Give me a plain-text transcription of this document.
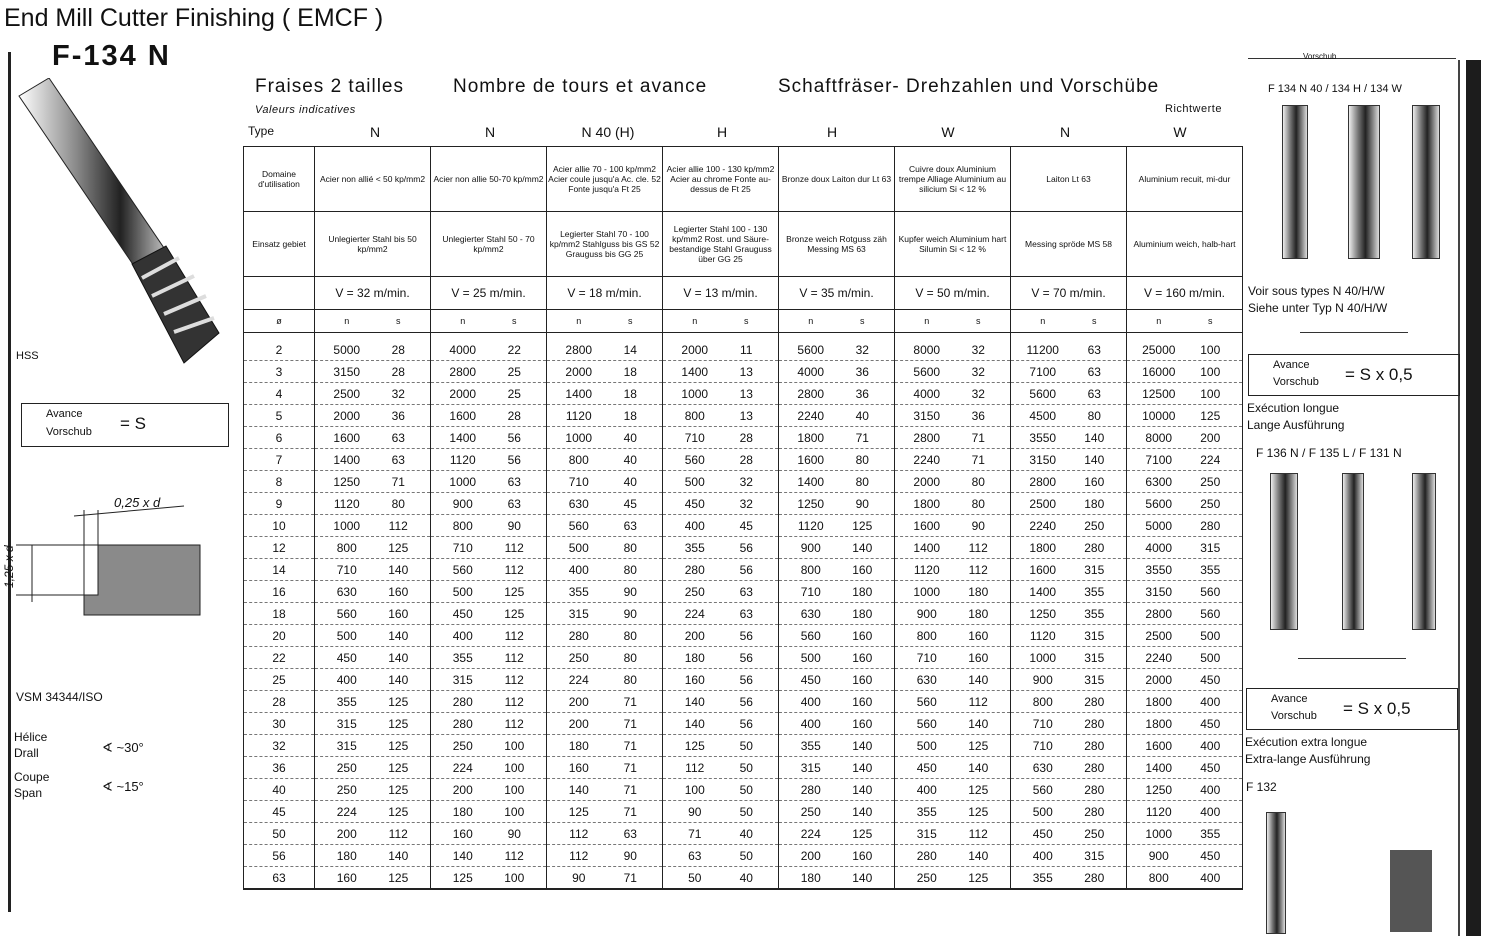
End Mill Cutter Finishing ( EMCF )
F-134 N
Fraises 2 tailles	Nombre de tours et avance	Schaftfräser- Drehzahlen und Vorschübe
Valeurs indicatives	Richtwerte
Type	N	N	N 40 (H)	H	H	W	N	W
Domaine d'utilisation	Acier non allié < 50 kp/mm2	Acier non allie 50-70 kp/mm2	Acier allie 70 - 100 kp/mm2 Acier coule jusqu'a Ac. cle. 52 Fonte jusqu'a Ft 25	Acier allie 100 - 130 kp/mm2 Acier au chrome Fonte au-dessus de Ft 25	Bronze doux Laiton dur Lt 63	Cuivre doux Aluminium trempe Alliage Aluminium au silicium Si < 12 %	Laiton Lt 63	Aluminium recuit, mi-dur
Einsatz gebiet	Unlegierter Stahl bis 50 kp/mm2	Unlegierter Stahl 50 - 70 kp/mm2	Legierter Stahl 70 - 100 kp/mm2 Stahlguss bis GS 52 Grauguss bis GG 25	Legierter Stahl 100 - 130 kp/mm2 Rost. und Säure-bestandige Stahl Grauguss über GG 25	Bronze weich Rotguss zäh Messing MS 63	Kupfer weich Aluminium hart Silumin Si < 12 %	Messing spröde MS 58	Aluminium weich, halb-hart
	V = 32 m/min.	V = 25 m/min.	V = 18 m/min.	V = 13 m/min.	V = 35 m/min.	V = 50 m/min.	V = 70 m/min.	V = 160 m/min.
ø	n s	n s	n s	n s	n s	n s	n s	n s

2	5000 28	4000 22	2800 14	2000 11	5600 32	8000 32	11200 63	25000 100

3	3150 28	2800 25	2000 18	1400 13	4000 36	5600 32	7100 63	16000 100

4	2500 32	2000 25	1400 18	1000 13	2800 36	4000 32	5600 63	12500 100

5	2000 36	1600 28	1120 18	800 13	2240 40	3150 36	4500 80	10000 125

6	1600 63	1400 56	1000 40	710 28	1800 71	2800 71	3550 140	8000 200

7	1400 63	1120 56	800 40	560 28	1600 80	2240 71	3150 140	7100 224

8	1250 71	1000 63	710 40	500 32	1400 80	2000 80	2800 160	6300 250

9	1120 80	900 63	630 45	450 32	1250 90	1800 80	2500 180	5600 250

10	1000 112	800 90	560 63	400 45	1120 125	1600 90	2240 250	5000 280

12	800 125	710 112	500 80	355 56	900 140	1400 112	1800 280	4000 315

14	710 140	560 112	400 80	280 56	800 160	1120 112	1600 315	3550 355

16	630 160	500 125	355 90	250 63	710 180	1000 180	1400 355	3150 560

18	560 160	450 125	315 90	224 63	630 180	900 180	1250 355	2800 560

20	500 140	400 112	280 80	200 56	560 160	800 160	1120 315	2500 500

22	450 140	355 112	250 80	180 56	500 160	710 160	1000 315	2240 500

25	400 140	315 112	224 80	160 56	450 160	630 140	900 315	2000 450

28	355 125	280 112	200 71	140 56	400 160	560 112	800 280	1800 400

30	315 125	280 112	200 71	140 56	400 160	560 140	710 280	1800 450

32	315 125	250 100	180 71	125 50	355 140	500 125	710 280	1600 400

36	250 125	224 100	160 71	112 50	315 140	450 140	630 280	1400 450

40	250 125	200 100	140 71	100 50	280 140	400 125	560 280	1250 400

45	224 125	180 100	125 71	90 50	250 140	355 125	500 280	1120 400

50	200 112	160 90	112 63	71 40	224 125	315 112	450 250	1000 355

56	180 140	140 112	112 90	63 50	200 160	280 140	400 315	900 450

63	160 125	125 100	90 71	50 40	180 140	250 125	355 280	800 400
HSS
Avance
Vorschub = S
0,25 x d
1,25 x d
VSM 34344/ISO
Hélice
Drall	∢ ~30°
Coupe
Span	∢ ~15°
Vorschub
F 134 N 40 / 134 H / 134 W
Voir sous types N 40/H/W
Siehe unter Typ N 40/H/W
Avance
Vorschub = S x 0,5
Exécution longue
Lange Ausführung
F 136 N / F 135 L / F 131 N
Avance
Vorschub = S x 0,5
Exécution extra longue
Extra-lange Ausführung
F 132
